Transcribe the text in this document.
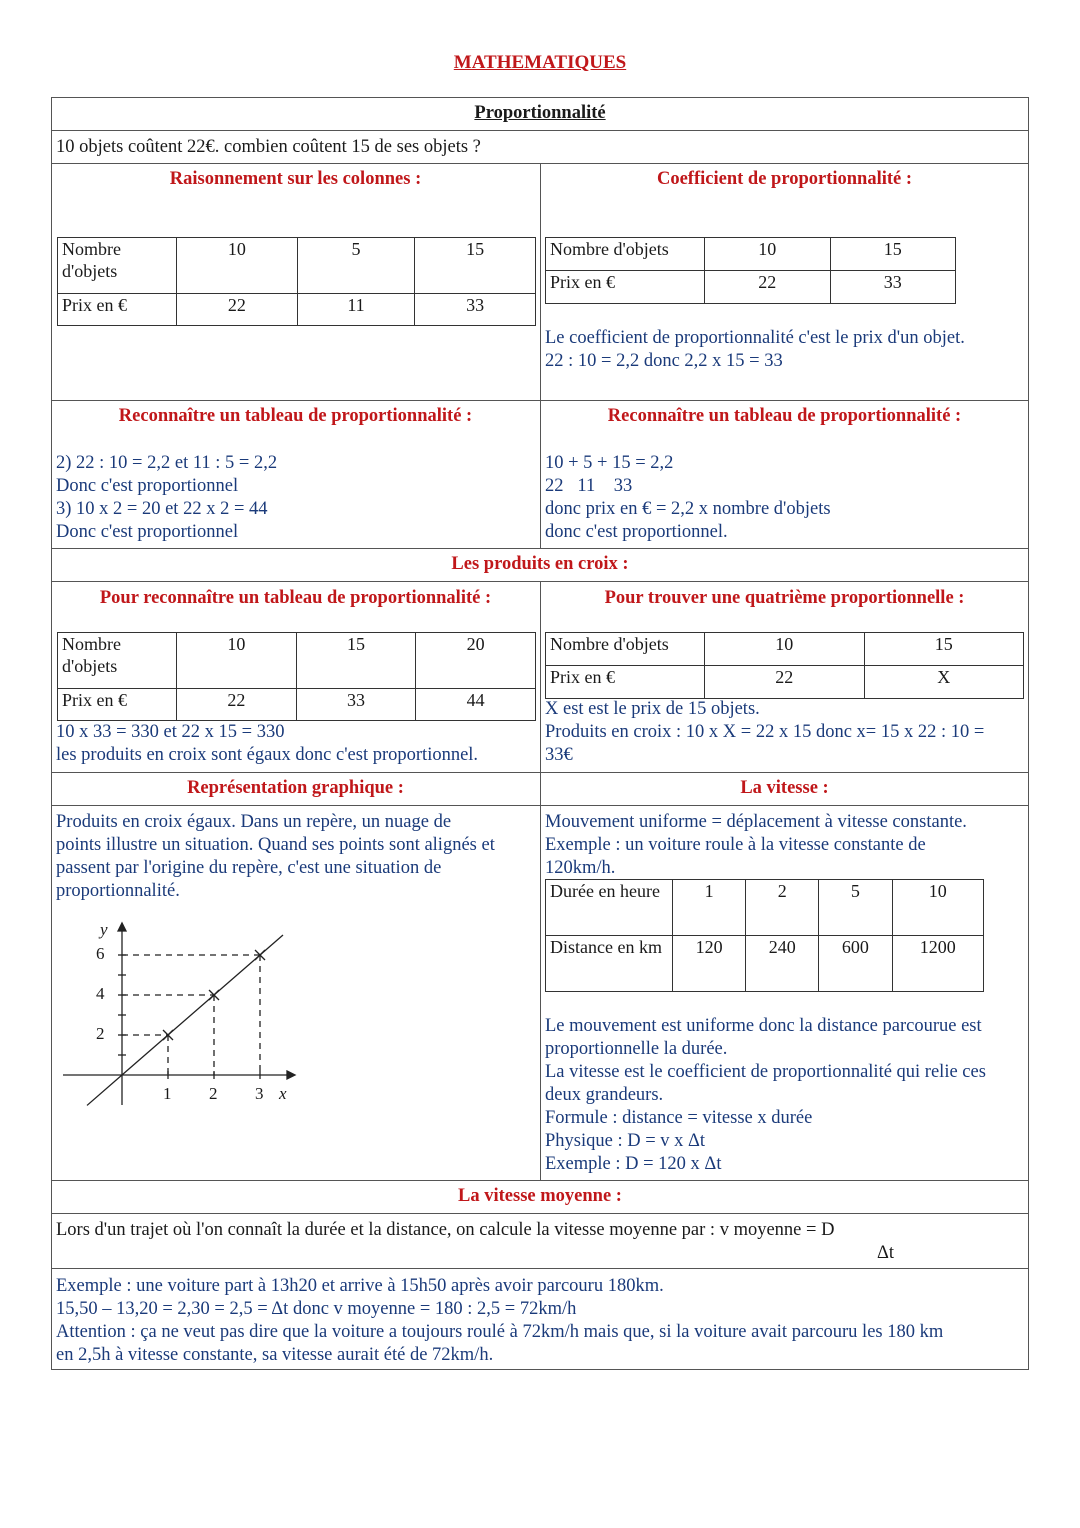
MATHEMATIQUES
Proportionnalité
10 objets coûtent 22€. combien coûtent 15 de ses objets ?
Raisonnement sur les colonnes :
Nombre d'objets	10	5	15
Prix en €	22	11	33
Coefficient de proportionnalité :
Nombre d'objets	10	15
Prix en €	22	33
Le coefficient de proportionnalité c'est le prix d'un objet.
22 : 10 = 2,2 donc 2,2 x 15 = 33
Reconnaître un tableau de proportionnalité :
2) 22 : 10 = 2,2 et 11 : 5 = 2,2
Donc c'est proportionnel
3) 10 x 2 = 20 et 22 x 2 = 44
Donc c'est proportionnel
Reconnaître un tableau de proportionnalité :
10 + 5 + 15 = 2,2
22   11    33
donc prix en € = 2,2 x nombre d'objets
donc c'est proportionnel.
Les produits en croix :
Pour reconnaître un tableau de proportionnalité :
Nombre d'objets	10	15	20
Prix en €	22	33	44
10 x 33 = 330 et 22 x 15 = 330
les produits en croix sont égaux donc c'est proportionnel.
Pour trouver une quatrième proportionnelle :
Nombre d'objets	10	15
Prix en €	22	X
X est est le prix de 15 objets.
Produits en croix : 10 x X = 22 x 15 donc x= 15 x 22 : 10 =
33€
Représentation graphique :
Produits en croix égaux. Dans un repère, un nuage de
points illustre un situation. Quand ses points sont alignés et
passent par l'origine du repère, c'est une situation de
proportionnalité.
y
x
2
4
6
1 2 3
La vitesse :
Mouvement uniforme = déplacement à vitesse constante.
Exemple : un voiture roule à la vitesse constante de
120km/h.
Durée en heure	1	2	5	10
Distance en km	120	240	600	1200
Le mouvement est uniforme donc la distance parcourue est
proportionnelle la durée.
La vitesse est le coefficient de proportionnalité qui relie ces
deux grandeurs.
Formule : distance = vitesse x durée
Physique : D = v x Δt
Exemple : D = 120 x Δt
La vitesse moyenne :
Lors d'un trajet où l'on connaît la durée et la distance, on calcule la vitesse moyenne par : v moyenne = D
Δt
Exemple : une voiture part à 13h20 et arrive à 15h50 après avoir parcouru 180km.
15,50 – 13,20 = 2,30 = 2,5 = Δt donc v moyenne = 180 : 2,5 = 72km/h
Attention : ça ne veut pas dire que la voiture a toujours roulé à 72km/h mais que, si la voiture avait parcouru les 180 km
en 2,5h à vitesse constante, sa vitesse aurait été de 72km/h.
